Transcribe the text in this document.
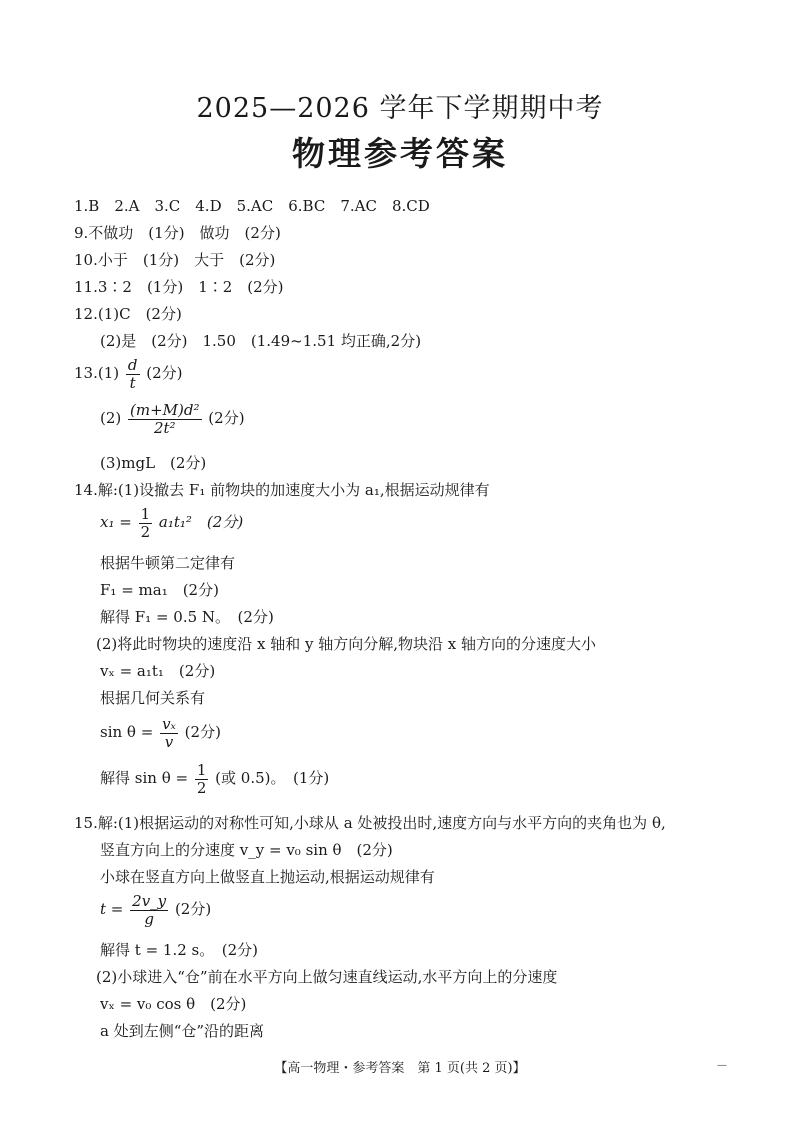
2025—2026 学年下学期期中考
物理参考答案
1.B　2.A　3.C　4.D　5.AC　6.BC　7.AC　8.CD
9.不做功　(1分)　做功　(2分)
10.小于　(1分)　大于　(2分)
11.3∶2　(1分)　1∶2　(2分)
12.(1)C　(2分)
(2)是　(2分)　1.50　(1.49~1.51 均正确,2分)
$13.(1) \frac{d}{t} (2$分)
$(2) \frac{\text{(m+M)d²}}{\text{2t²}} (2$分)
(3)mgL　(2分)
14.解:(1)设撤去 F₁ 前物块的加速度大小为 a₁,根据运动规律有
$x_1 = \frac{1}{2} a_1t_1^2$　(2分)
根据牛顿第二定律有
F₁ = ma₁　(2分)
解得 F₁ = 0.5 N。　(2分)
(2)将此时物块的速度沿 x 轴和 y 轴方向分解,物块沿 x 轴方向的分速度大小
vₓ = a₁t₁　(2分)
根据几何关系有
$\sin \theta = \frac{\text{vₓ}}{v} (2$分)
解得 $\sin \theta = \frac{1}{2}$ (或 0.5)。　(1分)
15.解:(1)根据运动的对称性可知,小球从 a 处被投出时,速度方向与水平方向的夹角也为 θ,
竖直方向上的分速度 v_y = v₀ sin θ　(2分)
小球在竖直方向上做竖直上抛运动,根据运动规律有
$t = \frac{2v\_y}{g} (2$分)
解得 t = 1.2 s。　(2分)
(2)小球进入“仓”前在水平方向上做匀速直线运动,水平方向上的分速度
vₓ = v₀ cos θ　(2分)
a 处到左侧“仓”沿的距离
【高一物理・参考答案　第 1 页(共 2 页)】	—
